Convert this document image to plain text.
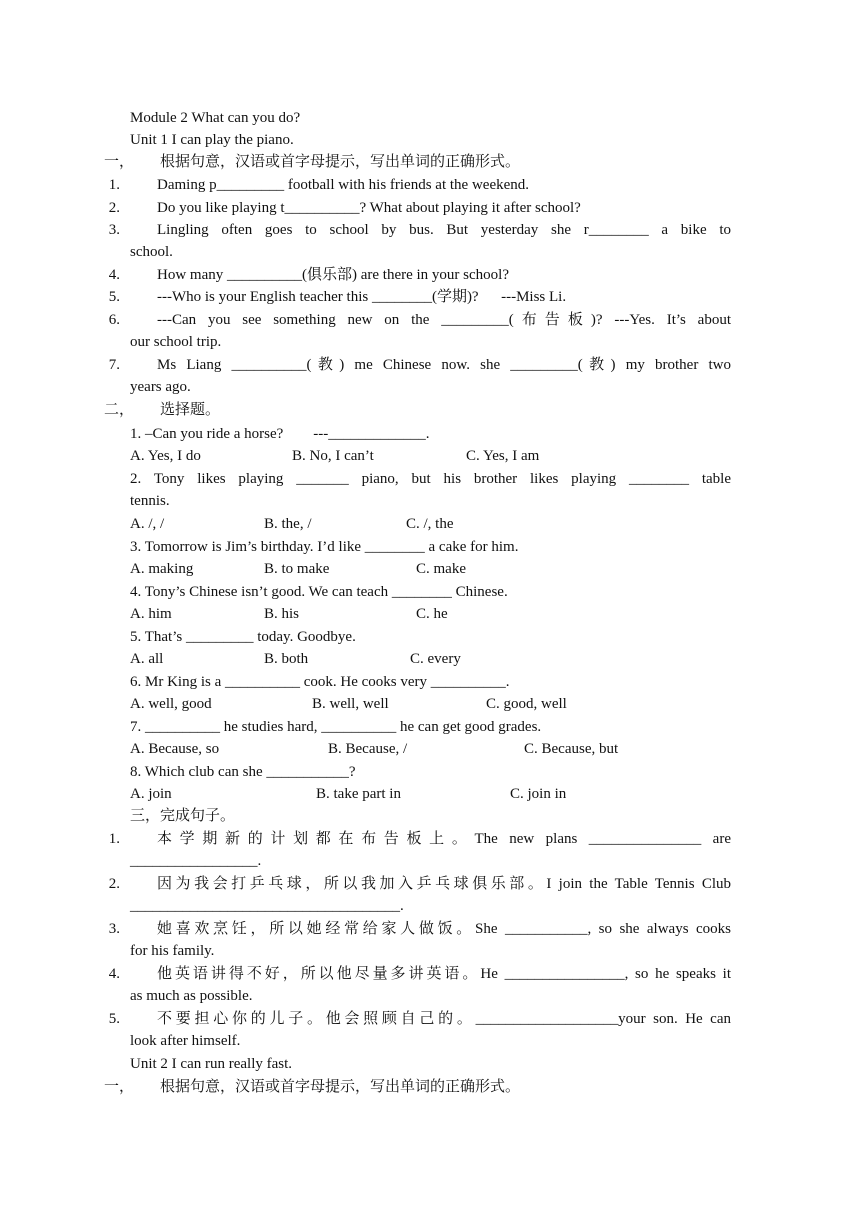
Module 2 What can you do?
Unit 1 I can play the piano.
一， 根据句意，汉语或首字母提示，写出单词的正确形式。
1. Daming p_________ football with his friends at the weekend.
2. Do you like playing t__________? What about playing it after school?
3. Lingling often goes to school by bus. But yesterday she r________ a bike to
school.
4. How many __________(俱乐部) are there in your school?
5. ---Who is your English teacher this ________(学期)?      ---Miss Li.
6. ---Can you see something new on the _________(布告板)? ---Yes. It’s about
our school trip.
7. Ms Liang __________(教) me Chinese now. she _________(教) my brother two
years ago.
二， 选择题。
1. –Can you ride a horse?        ---_____________.
A. Yes, I do	B. No, I can’t	C. Yes, I am
2. Tony likes playing _______ piano, but his brother likes playing ________ table
tennis.
A. /, /	B. the, /	C. /, the
3. Tomorrow is Jim’s birthday. I’d like ________ a cake for him.
A. making	B. to make	C. make
4. Tony’s Chinese isn’t good. We can teach ________ Chinese.
A. him	B. his	C. he
5. That’s _________ today. Goodbye.
A. all	B. both	C. every
6. Mr King is a __________ cook. He cooks very __________.
A. well, good	B. well, well	C. good, well
7. __________ he studies hard, __________ he can get good grades.
A. Because, so	B. Because, /	C. Because, but
8. Which club can she ___________?
A. join	B. take part in	C. join in
三，完成句子。
1. 本学期新的计划都在布告板上。The new plans _______________ are
_________________.
2. 因为我会打乒乓球，所以我加入乒乓球俱乐部。I join the Table Tennis Club
____________________________________.
3. 她喜欢烹饪，所以她经常给家人做饭。She ___________, so she always cooks
for his family.
4. 他英语讲得不好，所以他尽量多讲英语。He ________________, so he speaks it
as much as possible.
5. 不要担心你的儿子。他会照顾自己的。___________________your son. He can
look after himself.
Unit 2 I can run really fast.
一， 根据句意，汉语或首字母提示，写出单词的正确形式。
